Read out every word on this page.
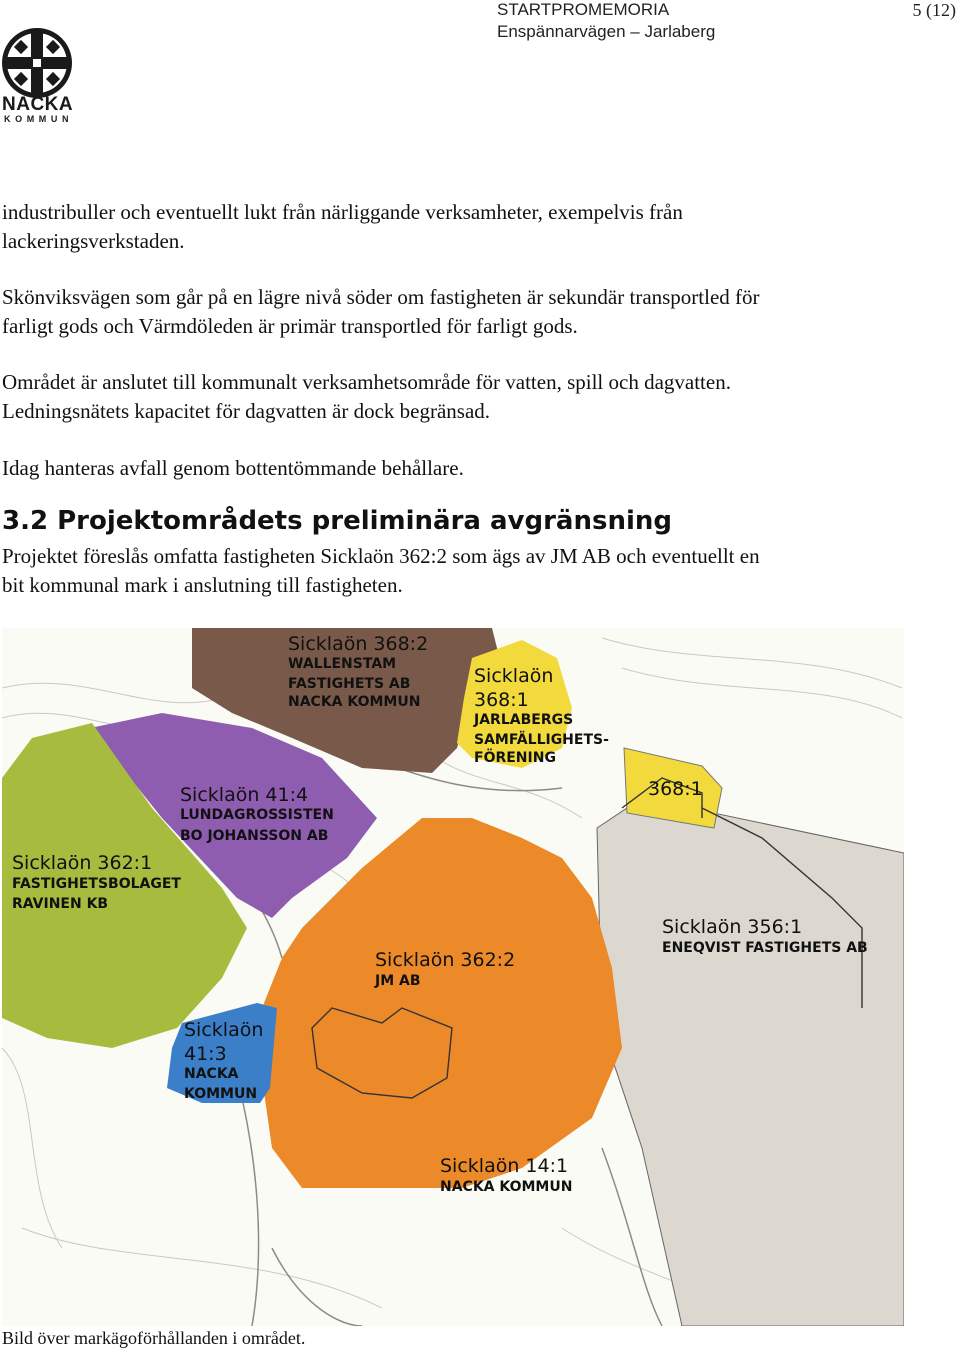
NACKA
KOMMUN
STARTPROMEMORIA
Enspännarvägen – Jarlaberg
5 (12)
industribuller och eventuellt lukt från närliggande verksamheter, exempelvis från
lackeringsverkstaden.
Skönviksvägen som går på en lägre nivå söder om fastigheten är sekundär transportled för
farligt gods och Värmdöleden är primär transportled för farligt gods.
Området är anslutet till kommunalt verksamhetsområde för vatten, spill och dagvatten.
Ledningsnätets kapacitet för dagvatten är dock begränsad.
Idag hanteras avfall genom bottentömmande behållare.
3.2 Projektområdets preliminära avgränsning
Projektet föreslås omfatta fastigheten Sicklaön 362:2 som ägs av JM AB och eventuellt en
bit kommunal mark i anslutning till fastigheten.
Sicklaön 368:2
WALLENSTAM
FASTIGHETS AB
NACKA KOMMUN
Sicklaön
368:1
JARLABERGS
SAMFÄLLIGHETS-
FÖRENING
368:1
Sicklaön 41:4
LUNDAGROSSISTEN
BO JOHANSSON AB
Sicklaön 362:1
FASTIGHETSBOLAGET
RAVINEN KB
Sicklaön 356:1
ENEQVIST FASTIGHETS AB
Sicklaön 362:2
JM AB
Sicklaön
41:3
NACKA
KOMMUN
Sicklaön 14:1
NACKA KOMMUN
Bild över markägoförhållanden i området.
